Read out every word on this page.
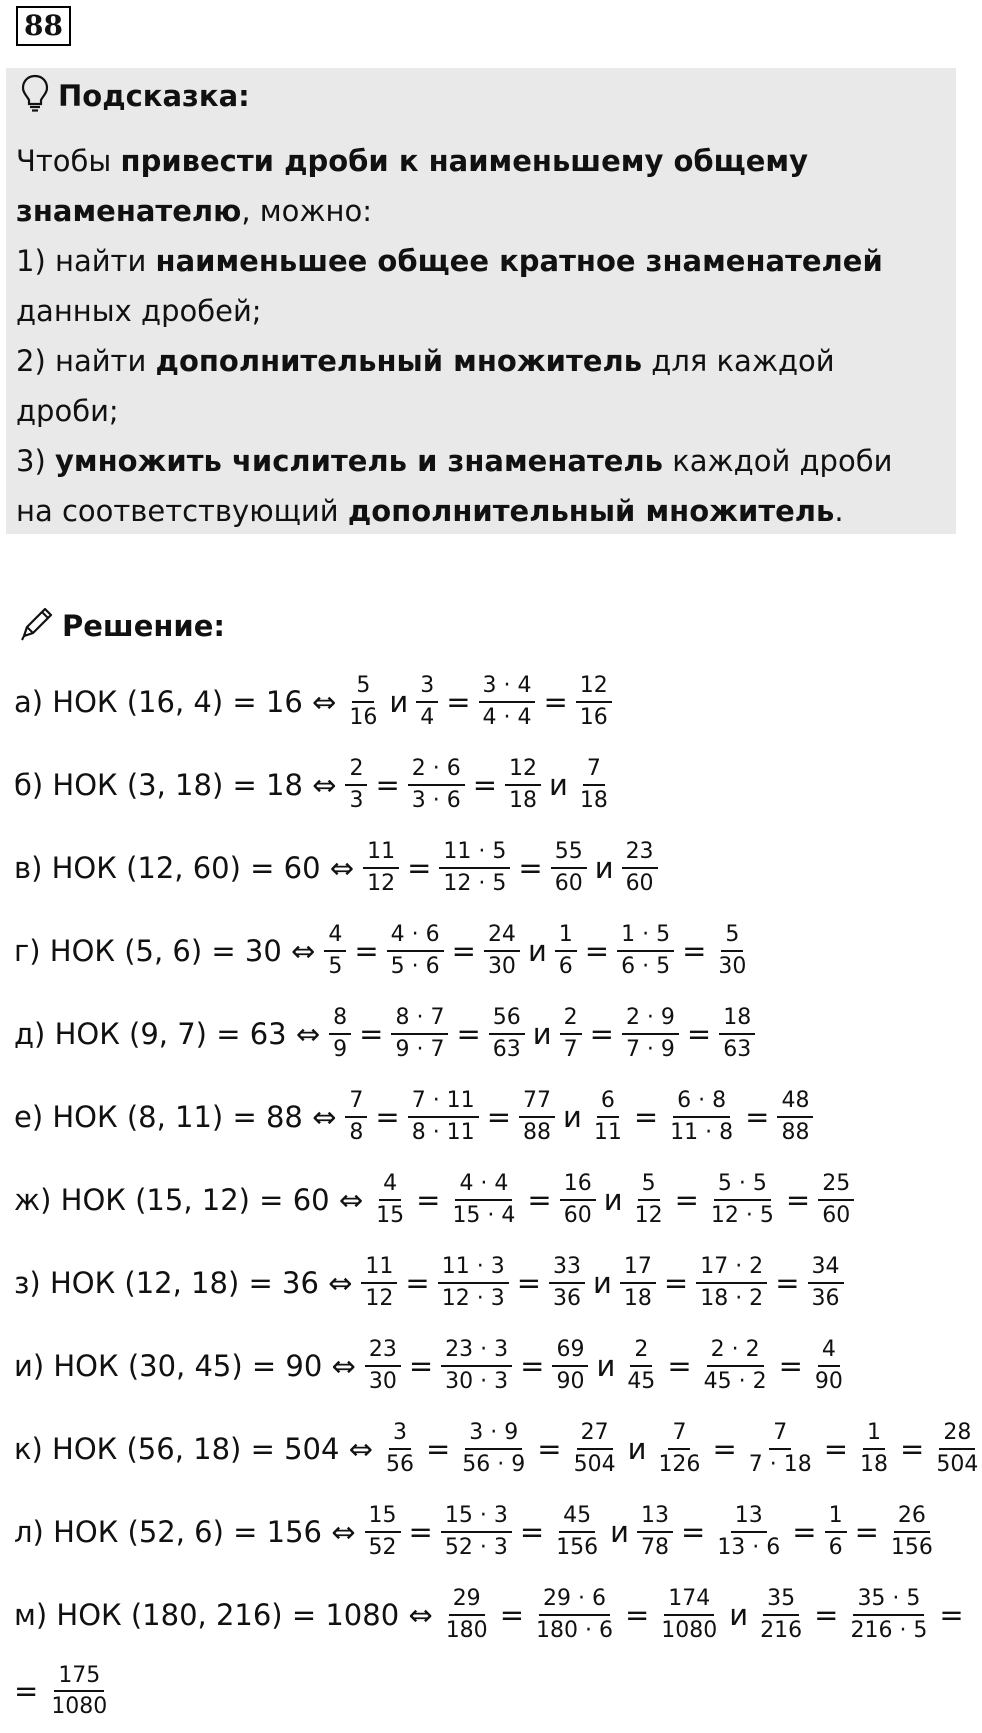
88
Подсказка:

Чтобы привести дроби к наименьшему общему знаменателю, можно:

1) найти наименьшее общее кратное знаменателей данных дробей;

2) найти дополнительный множитель для каждой дроби;

3) умножить числитель и знаменатель каждой дроби на соответствующий дополнительный множитель.

Решение:
а) НОК (16, 4) = 16 ⇔ $\frac{5}{16}$ и $\frac{3}{4} = \frac{3 \cdot 4}{4 \cdot 4} = \frac{12}{16}$
б) НОК (3, 18) = 18 ⇔ $\frac{2}{3} = \frac{2 \cdot 6}{3 \cdot 6} = \frac{12}{18}$ и $\frac{7}{18}$
в) НОК (12, 60) = 60 ⇔ $\frac{11}{12} = \frac{11 \cdot 5}{12 \cdot 5} = \frac{55}{60}$ и $\frac{23}{60}$
г) НОК (5, 6) = 30 ⇔ $\frac{4}{5} = \frac{4 \cdot 6}{5 \cdot 6} = \frac{24}{30}$ и $\frac{1}{6} = \frac{1 \cdot 5}{6 \cdot 5} = \frac{5}{30}$
д) НОК (9, 7) = 63 ⇔ $\frac{8}{9} = \frac{8 \cdot 7}{9 \cdot 7} = \frac{56}{63}$ и $\frac{2}{7} = \frac{2 \cdot 9}{7 \cdot 9} = \frac{18}{63}$
е) НОК (8, 11) = 88 ⇔ $\frac{7}{8} = \frac{7 \cdot 11}{8 \cdot 11} = \frac{77}{88}$ и $\frac{6}{11} = \frac{6 \cdot 8}{11 \cdot 8} = \frac{48}{88}$
ж) НОК (15, 12) = 60 ⇔ $\frac{4}{15} = \frac{4 \cdot 4}{15 \cdot 4} = \frac{16}{60}$ и $\frac{5}{12} = \frac{5 \cdot 5}{12 \cdot 5} = \frac{25}{60}$
з) НОК (12, 18) = 36 ⇔ $\frac{11}{12} = \frac{11 \cdot 3}{12 \cdot 3} = \frac{33}{36}$ и $\frac{17}{18} = \frac{17 \cdot 2}{18 \cdot 2} = \frac{34}{36}$
и) НОК (30, 45) = 90 ⇔ $\frac{23}{30} = \frac{23 \cdot 3}{30 \cdot 3} = \frac{69}{90}$ и $\frac{2}{45} = \frac{2 \cdot 2}{45 \cdot 2} = \frac{4}{90}$
к) НОК (56, 18) = 504 ⇔ $\frac{3}{56} = \frac{3 \cdot 9}{56 \cdot 9} = \frac{27}{504}$ и $\frac{7}{126} = \frac{7}{7 \cdot 18} = \frac{1}{18} = \frac{28}{504}$
л) НОК (52, 6) = 156 ⇔ $\frac{15}{52} = \frac{15 \cdot 3}{52 \cdot 3} = \frac{45}{156}$ и $\frac{13}{78} = \frac{13}{13 \cdot 6} = \frac{1}{6} = \frac{26}{156}$
м) НОК (180, 216) = 1080 ⇔ $\frac{29}{180} = \frac{29 \cdot 6}{180 \cdot 6} = \frac{174}{1080}$ и $\frac{35}{216} = \frac{35 \cdot 5}{216 \cdot 5}$ =
= $\frac{175}{1080}$
